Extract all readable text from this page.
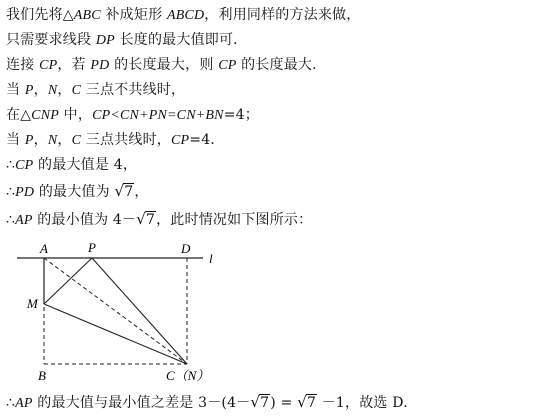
我们先将△ABC 补成矩形 ABCD，利用同样的方法来做，
只需要求线段 DP 长度的最大值即可．
连接 CP，若 PD 的长度最大，则 CP 的长度最大．
当 P，N，C 三点不共线时，
在△CNP 中，CP<CN+PN=CN+BN=4；
当 P，N，C 三点共线时，CP=4．
∴CP 的最大值是 4，
∴PD 的最大值为 √7，
∴AP 的最小值为 4－√7，此时情况如下图所示：
∴AP 的最大值与最小值之差是 3－(4－√7) = √7 －1，故选 D.
A	P	D
l
M
B	C（N）
